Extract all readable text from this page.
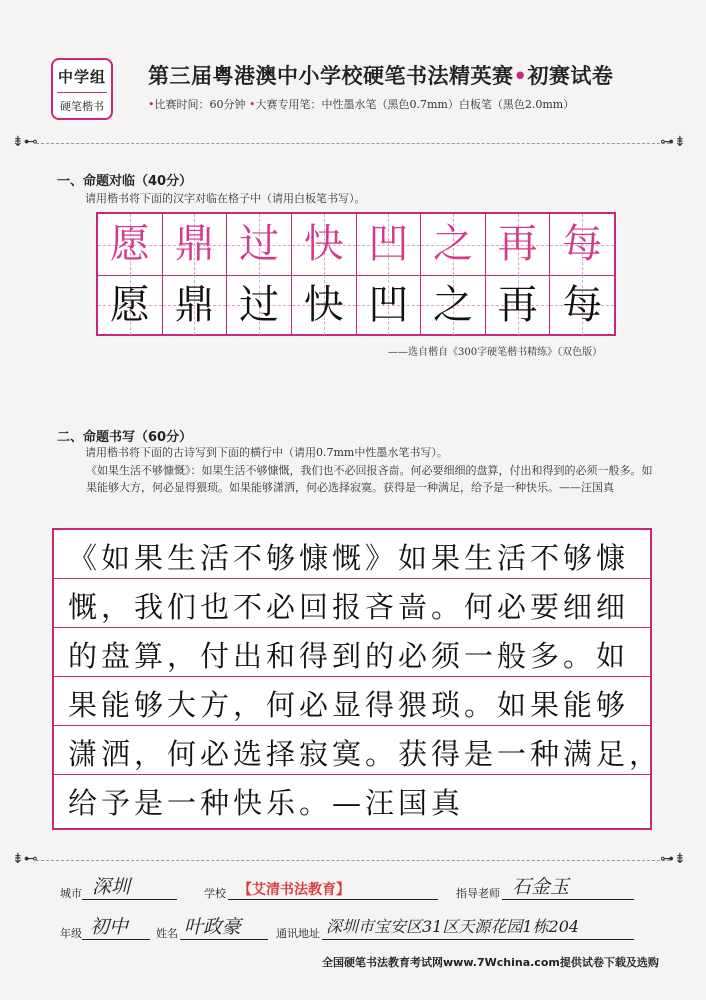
中学组
硬笔楷书
第三届粤港澳中小学校硬笔书法精英赛•初赛试卷
•比赛时间：60分钟 •大赛专用笔：中性墨水笔（黑色0.7mm）白板笔（黑色2.0mm）
⇟⊷	⊶⇟
一、命题对临（40分）
请用楷书将下面的汉字对临在格子中（请用白板笔书写）。
愿 鼎 过 快 凹 之 再 每
愿 鼎 过 快 凹 之 再 每
——选自楷自《300字硬笔楷书精练》（双色版）
二、命题书写（60分）
请用楷书将下面的古诗写到下面的横行中（请用0.7mm中性墨水笔书写）。
《如果生活不够慷慨》：如果生活不够慷慨，我们也不必回报吝啬。何必要细细的盘算，付出和得到的必须一般多。如果能够大方，何必显得猥琐。如果能够潇洒，何必选择寂寞。获得是一种满足，给予是一种快乐。——汪国真
《如果生活不够慷慨》如果生活不够慷
慨，我们也不必回报吝啬。何必要细细
的盘算，付出和得到的必须一般多。如
果能够大方，何必显得猥琐。如果能够
潇洒，何必选择寂寞。获得是一种满足，
给予是一种快乐。—汪国真
⇟⊷	⊶⇟
城市 深圳	学校 【艾清书法教育】	指导老师 石金玉
年级 初中	姓名 叶政豪	通讯地址 深圳市宝安区31区天源花园1栋204
全国硬笔书法教育考试网www.7Wchina.com提供试卷下载及选购
